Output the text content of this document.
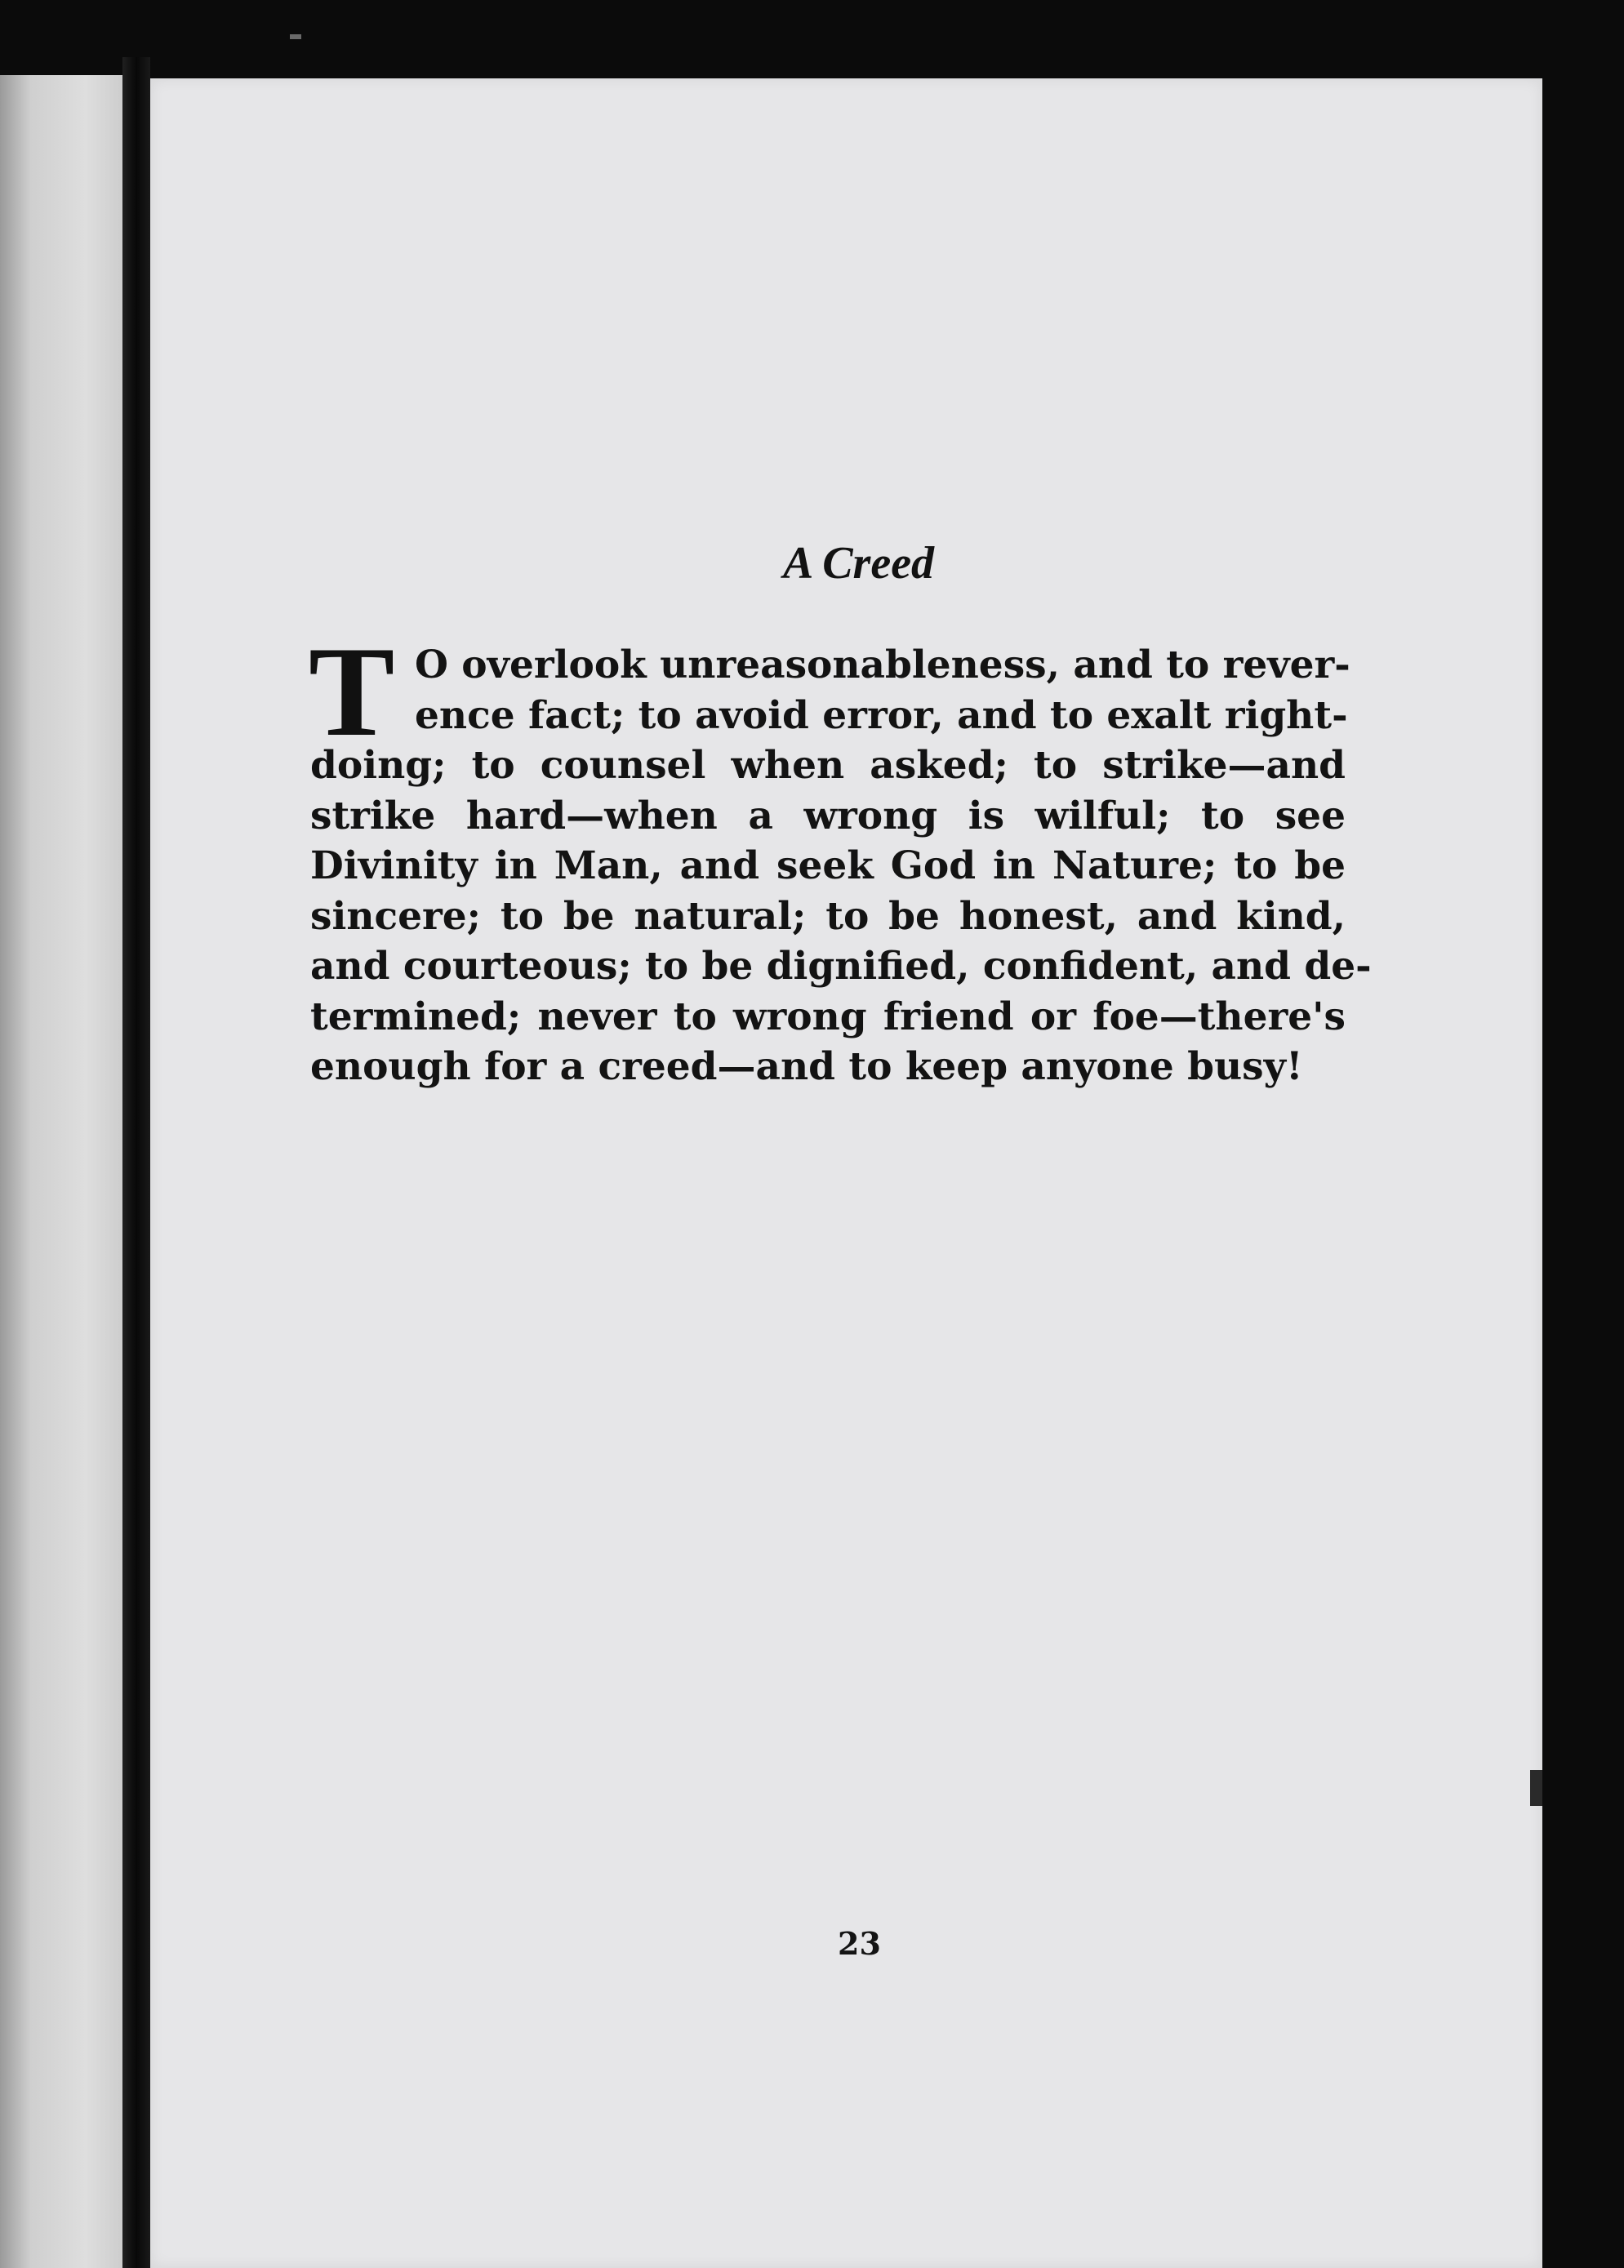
A Creed
T O overlook unreasonableness, and to rever-
ence fact; to avoid error, and to exalt right-
doing; to counsel when asked; to strike—and
strike hard—when a wrong is wilful; to see
Divinity in Man, and seek God in Nature; to be
sincere; to be natural; to be honest, and kind,
and courteous; to be dignified, confident, and de-
termined; never to wrong friend or foe—there's
enough for a creed—and to keep anyone busy!
23
